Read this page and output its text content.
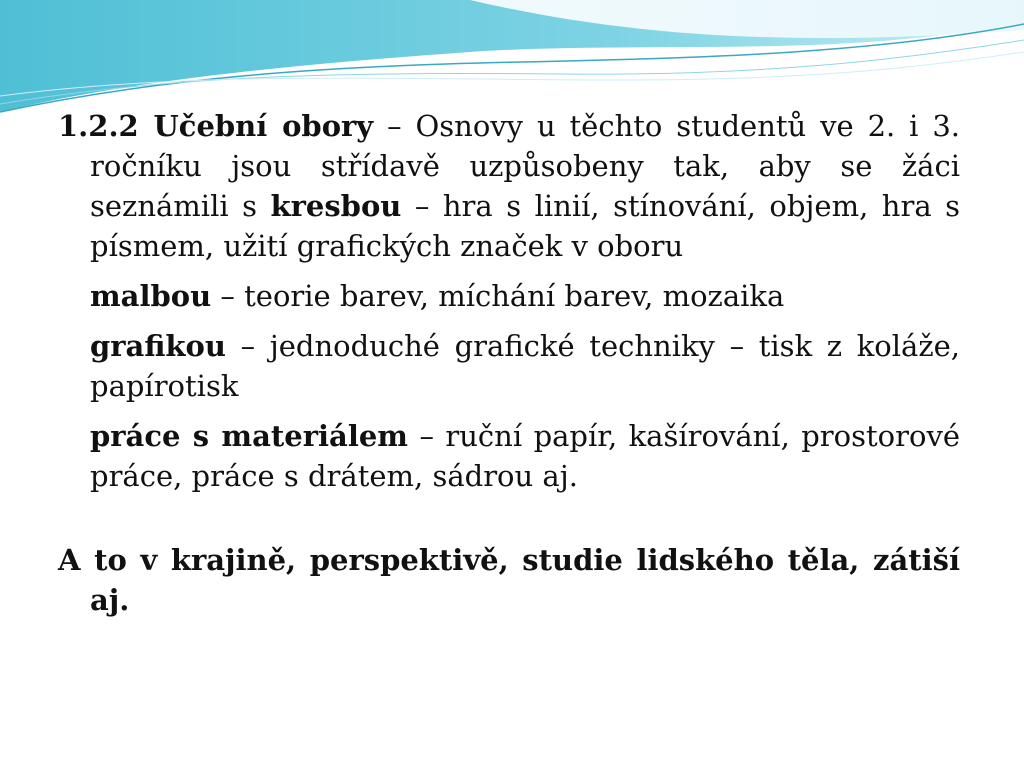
1.2.2 Učební obory – Osnovy u těchto studentů ve 2. i 3. ročníku jsou střídavě uzpůsobeny tak, aby se žáci seznámili s kresbou – hra s linií, stínování, objem, hra s písmem, užití grafických značek v oboru

malbou – teorie barev, míchání barev, mozaika

grafikou – jednoduché grafické techniky – tisk z koláže, papírotisk

práce s materiálem – ruční papír, kašírování, prostorové práce, práce s drátem, sádrou aj.

A to v krajině, perspektivě, studie lidského těla, zátiší aj.
